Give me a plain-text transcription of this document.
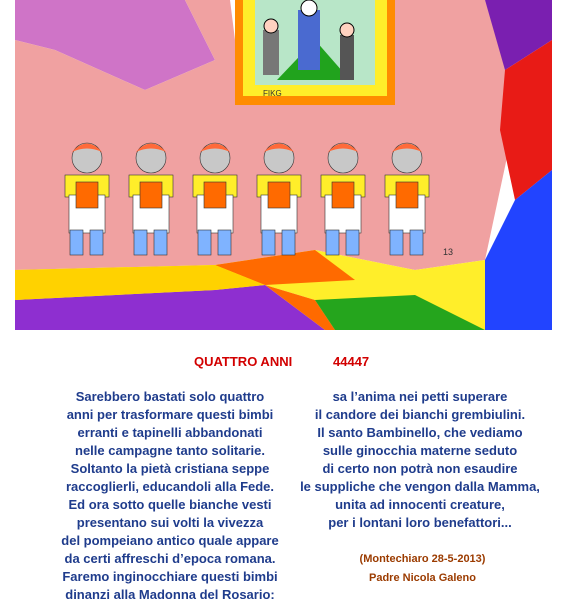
FIKG
13
QUATTRO ANNI	44447
Sarebbero bastati solo quattro
anni per trasformare questi bimbi
erranti e tapinelli abbandonati
nelle campagne tanto solitarie.
Soltanto la pietà cristiana seppe
raccoglierli, educandoli alla Fede.
Ed ora sotto quelle bianche vesti
presentano sui volti la vivezza
del pompeiano antico quale appare
da certi affreschi d’epoca romana.
Faremo inginocchiare questi bimbi
dinanzi alla Madonna del Rosario:
sa l’anima nei petti superare
il candore dei bianchi grembiulini.
Il santo Bambinello, che vediamo
sulle ginocchia materne seduto
di certo non potrà non esaudire
le suppliche che vengon dalla Mamma,
unita ad innocenti creature,
per i lontani loro benefattori...
(Montechiaro 28-5-2013)
Padre Nicola Galeno
